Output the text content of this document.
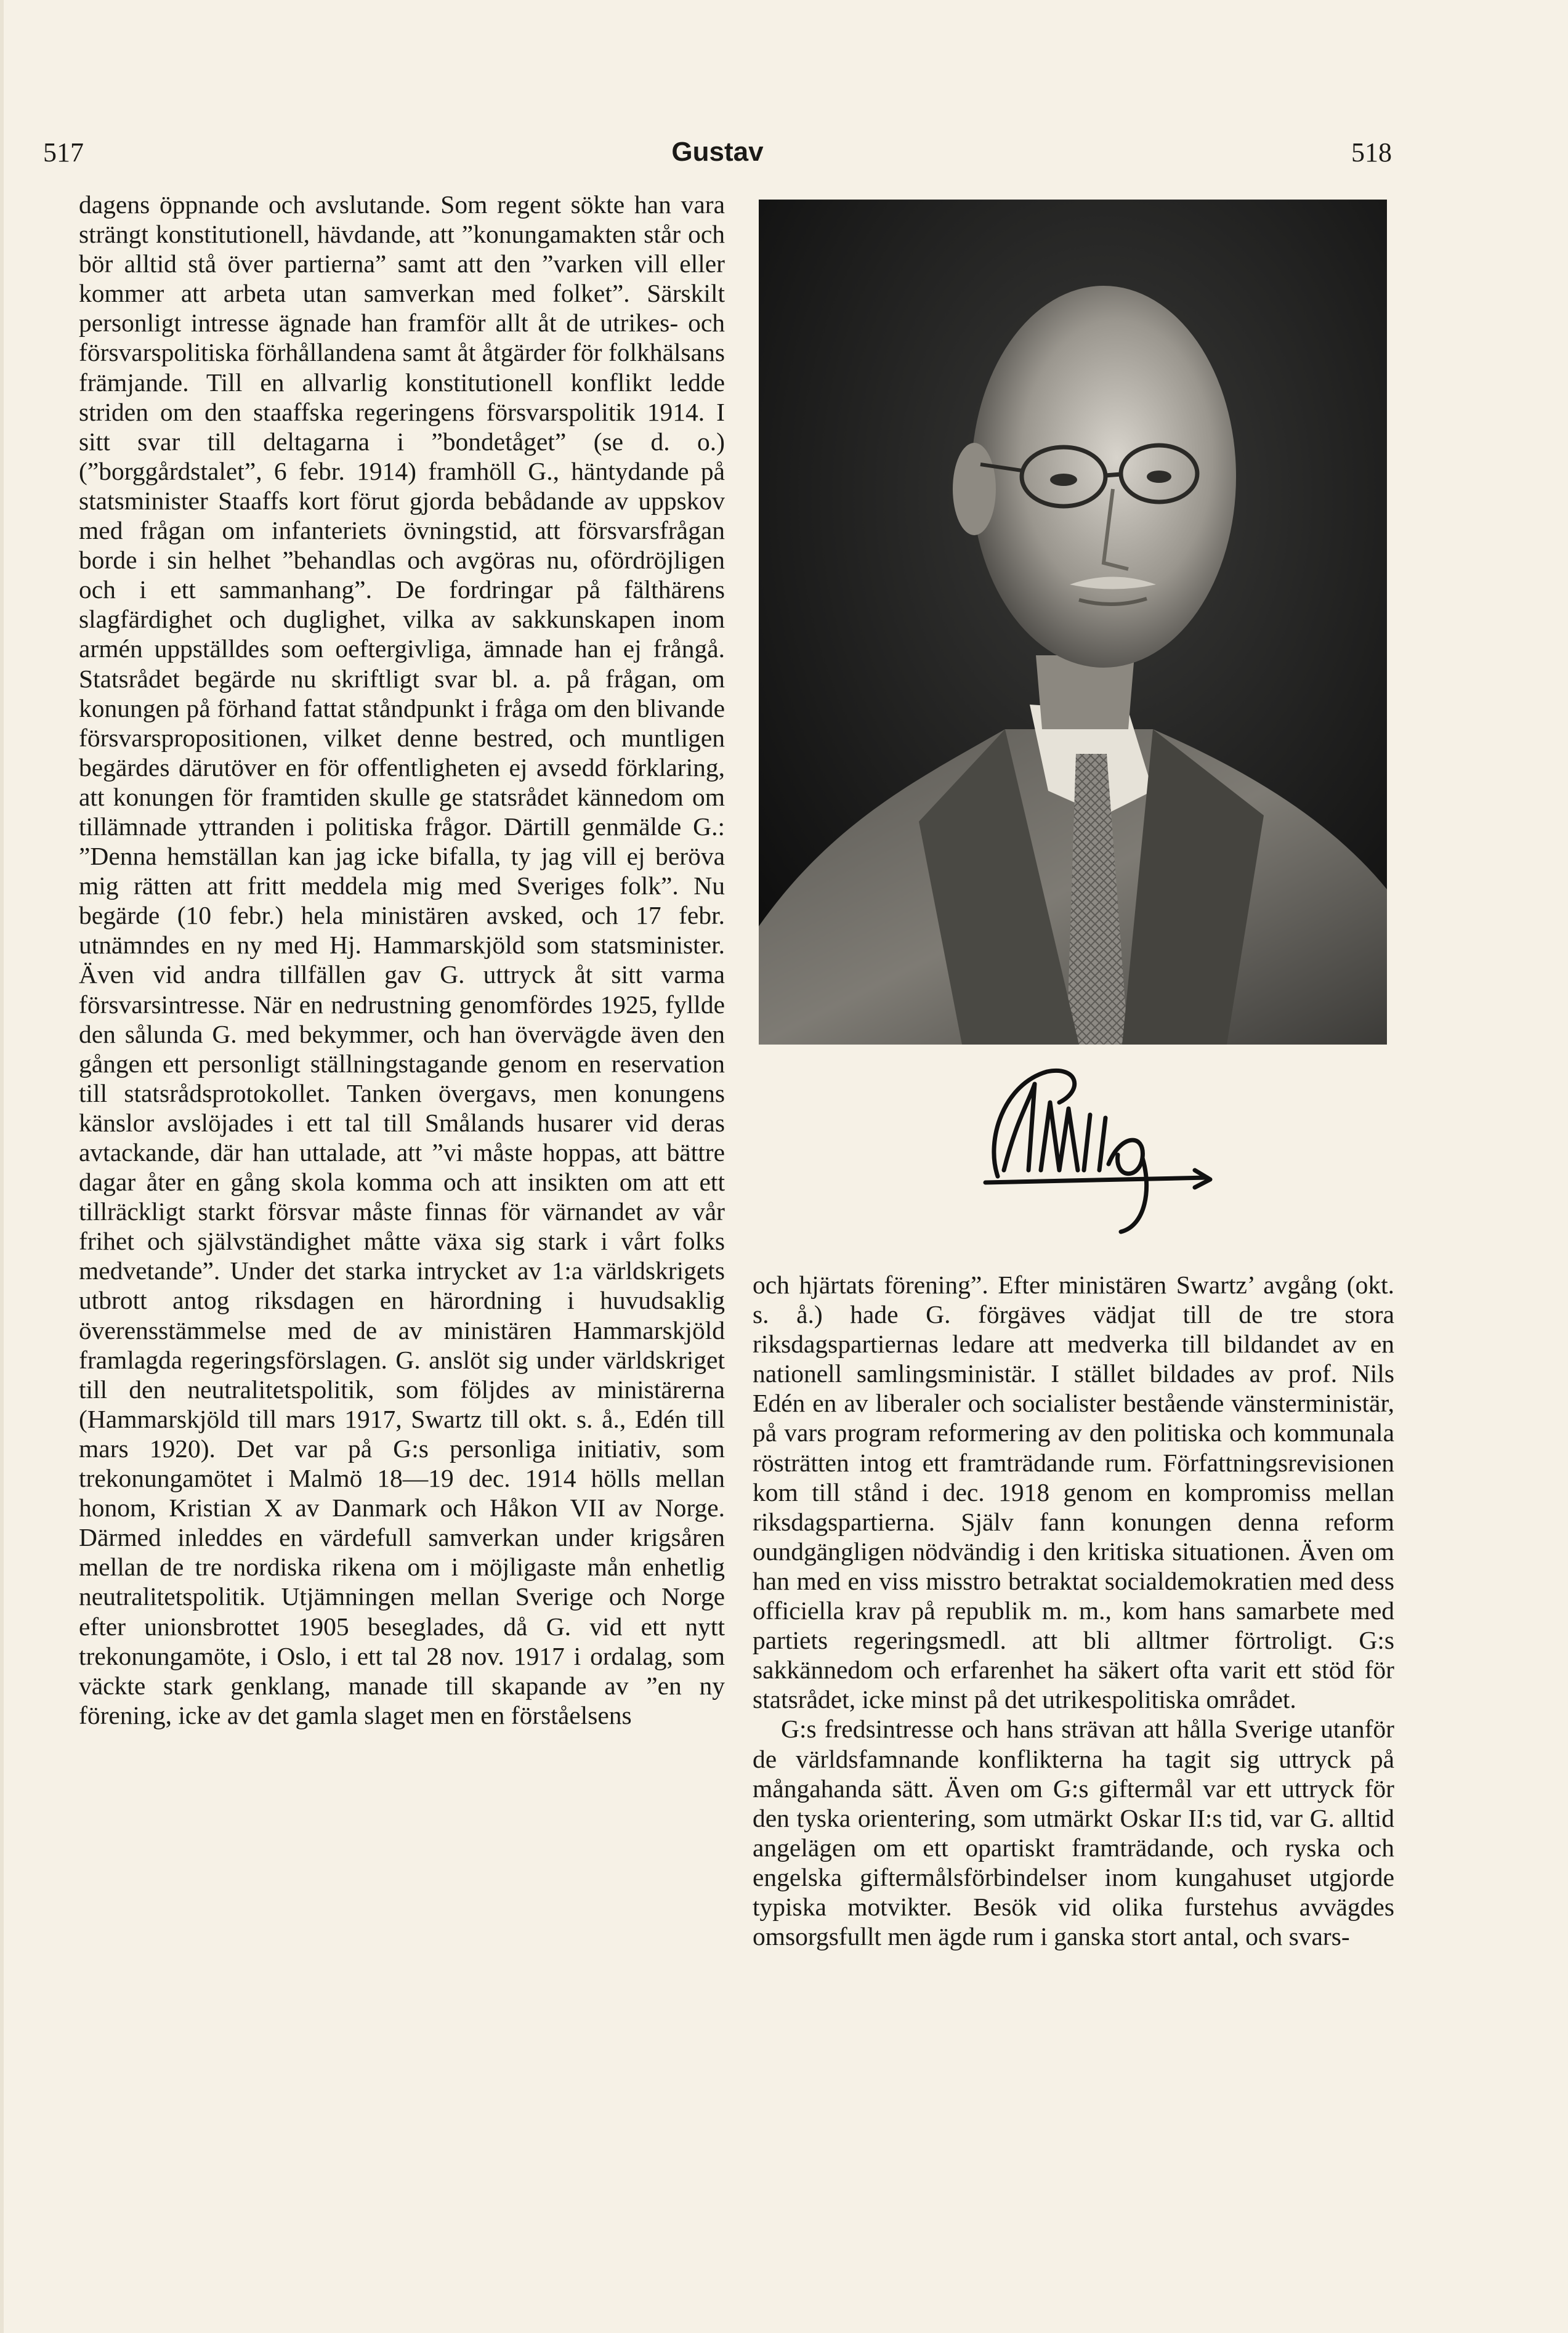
517	Gustav	518

dagens öppnande och avslutande. Som regent sökte han vara strängt konstitutionell, hävdande, att ”konungamakten står och bör alltid stå över partierna” samt att den ”varken vill eller kommer att arbeta utan samverkan med folket”. Särskilt personligt intresse ägnade han framför allt åt de utrikes- och försvarspolitiska förhållandena samt åt åtgärder för folkhälsans främjande. Till en allvarlig konstitutionell konflikt ledde striden om den staaffska regeringens försvarspolitik 1914. I sitt svar till deltagarna i ”bondetåget” (se d. o.) (”borggårdstalet”, 6 febr. 1914) framhöll G., häntydande på statsminister Staaffs kort förut gjorda bebådande av uppskov med frågan om infanteriets övningstid, att försvarsfrågan borde i sin helhet ”behandlas och avgöras nu, ofördröjligen och i ett sammanhang”. De fordringar på fälthärens slagfärdighet och duglighet, vilka av sakkunskapen inom armén uppställdes som oeftergivliga, ämnade han ej frångå. Statsrådet begärde nu skriftligt svar bl. a. på frågan, om konungen på förhand fattat ståndpunkt i fråga om den blivande försvarspropositionen, vilket denne bestred, och muntligen begärdes därutöver en för offentligheten ej avsedd förklaring, att konungen för framtiden skulle ge statsrådet kännedom om tillämnade yttranden i politiska frågor. Därtill genmälde G.: ”Denna hemställan kan jag icke bifalla, ty jag vill ej beröva mig rätten att fritt meddela mig med Sveriges folk”. Nu begärde (10 febr.) hela ministären avsked, och 17 febr. utnämndes en ny med Hj. Hammarskjöld som statsminister. Även vid andra tillfällen gav G. uttryck åt sitt varma försvarsintresse. När en nedrustning genomfördes 1925, fyllde den sålunda G. med bekymmer, och han övervägde även den gången ett personligt ställningstagande genom en reservation till statsrådsprotokollet. Tanken övergavs, men konungens känslor avslöjades i ett tal till Smålands husarer vid deras avtackande, där han uttalade, att ”vi måste hoppas, att bättre dagar åter en gång skola komma och att insikten om att ett tillräckligt starkt försvar måste finnas för värnandet av vår frihet och självständighet måtte växa sig stark i vårt folks medvetande”. Under det starka intrycket av 1:a världskrigets utbrott antog riksdagen en härordning i huvudsaklig överensstämmelse med de av ministären Hammarskjöld framlagda regeringsförslagen. G. anslöt sig under världskriget till den neutralitetspolitik, som följdes av ministärerna (Hammarskjöld till mars 1917, Swartz till okt. s. å., Edén till mars 1920). Det var på G:s personliga initiativ, som trekonungamötet i Malmö 18—19 dec. 1914 hölls mellan honom, Kristian X av Danmark och Håkon VII av Norge. Därmed inleddes en värdefull samverkan under krigsåren mellan de tre nordiska rikena om i möjligaste mån enhetlig neutralitetspolitik. Utjämningen mellan Sverige och Norge efter unionsbrottet 1905 beseglades, då G. vid ett nytt trekonungamöte, i Oslo, i ett tal 28 nov. 1917 i ordalag, som väckte stark genklang, manade till skapande av ”en ny förening, icke av det gamla slaget men en förståelsens

och hjärtats förening”. Efter ministären Swartz’ avgång (okt. s. å.) hade G. förgäves vädjat till de tre stora riksdagspartiernas ledare att medverka till bildandet av en nationell samlingsministär. I stället bildades av prof. Nils Edén en av liberaler och socialister bestående vänsterministär, på vars program reformering av den politiska och kommunala rösträtten intog ett framträdande rum. Författningsrevisionen kom till stånd i dec. 1918 genom en kompromiss mellan riksdagspartierna. Själv fann konungen denna reform oundgängligen nödvändig i den kritiska situationen. Även om han med en viss misstro betraktat socialdemokratien med dess officiella krav på republik m. m., kom hans samarbete med partiets regeringsmedl. att bli alltmer förtroligt. G:s sakkännedom och erfarenhet ha säkert ofta varit ett stöd för statsrådet, icke minst på det utrikespolitiska området.

G:s fredsintresse och hans strävan att hålla Sverige utanför de världsfamnande konflikterna ha tagit sig uttryck på mångahanda sätt. Även om G:s giftermål var ett uttryck för den tyska orientering, som utmärkt Oskar II:s tid, var G. alltid angelägen om ett opartiskt framträdande, och ryska och engelska giftermålsförbindelser inom kungahuset utgjorde typiska motvikter. Besök vid olika furstehus avvägdes omsorgsfullt men ägde rum i ganska stort antal, och svars-
